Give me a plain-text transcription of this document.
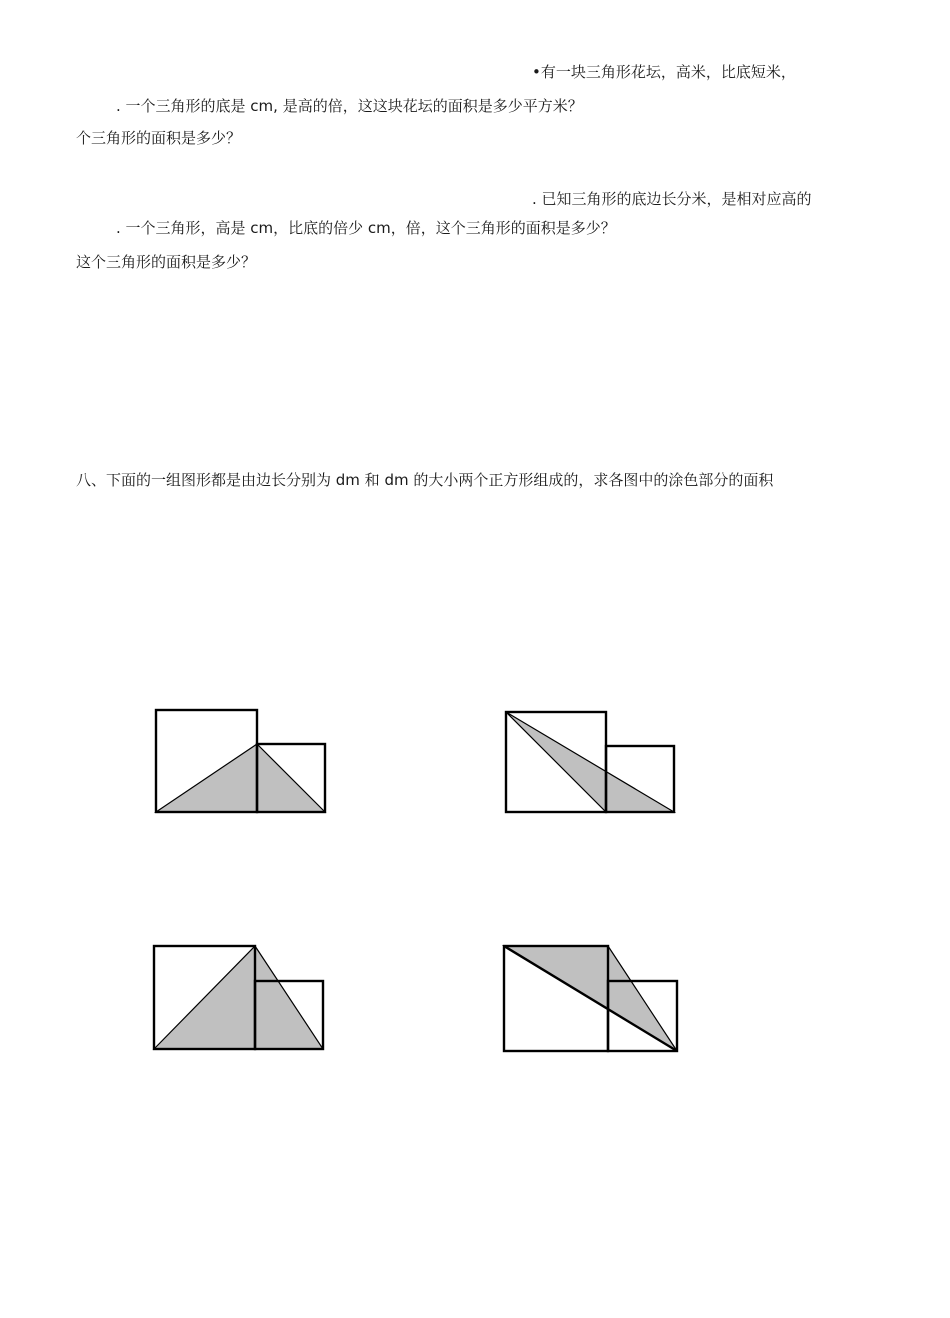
•有一块三角形花坛，高米，比底短米，
. 一个三角形的底是 cm, 是高的倍，这这块花坛的面积是多少平方米？
个三角形的面积是多少？
. 已知三角形的底边长分米，是相对应高的
. 一个三角形，高是 cm，比底的倍少 cm，倍，这个三角形的面积是多少？
这个三角形的面积是多少？
八、下面的一组图形都是由边长分别为 dm 和 dm 的大小两个正方形组成的，求各图中的涂色部分的面积
